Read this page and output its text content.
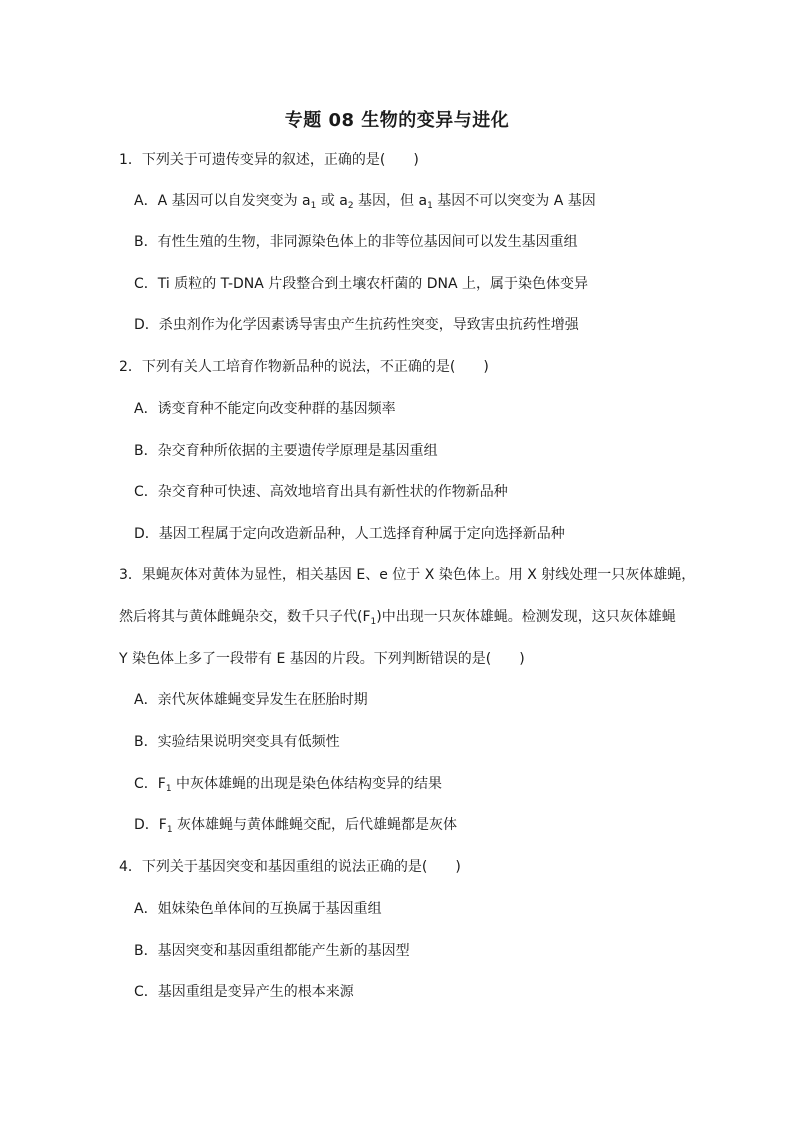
专题 08 生物的变异与进化
1．下列关于可遗传变异的叙述，正确的是(　　)
A．A 基因可以自发突变为 $a_1$ 或 $a_2$ 基因，但 $a_1$ 基因不可以突变为 A 基因
B．有性生殖的生物，非同源染色体上的非等位基因间可以发生基因重组
C．Ti 质粒的 T-DNA 片段整合到土壤农杆菌的 DNA 上，属于染色体变异
D．杀虫剂作为化学因素诱导害虫产生抗药性突变，导致害虫抗药性增强
2．下列有关人工培育作物新品种的说法，不正确的是(　　)
A．诱变育种不能定向改变种群的基因频率
B．杂交育种所依据的主要遗传学原理是基因重组
C．杂交育种可快速、高效地培育出具有新性状的作物新品种
D．基因工程属于定向改造新品种，人工选择育种属于定向选择新品种
3．果蝇灰体对黄体为显性，相关基因 E、e 位于 X 染色体上。用 X 射线处理一只灰体雄蝇，
然后将其与黄体雌蝇杂交，数千只子代$(F_1)$中出现一只灰体雄蝇。检测发现，这只灰体雄蝇
Y 染色体上多了一段带有 E 基因的片段。下列判断错误的是(　　)
A．亲代灰体雄蝇变异发生在胚胎时期
B．实验结果说明突变具有低频性
C．$F_1$ 中灰体雄蝇的出现是染色体结构变异的结果
D．$F_1$ 灰体雄蝇与黄体雌蝇交配，后代雄蝇都是灰体
4．下列关于基因突变和基因重组的说法正确的是(　　)
A．姐妹染色单体间的互换属于基因重组
B．基因突变和基因重组都能产生新的基因型
C．基因重组是变异产生的根本来源
